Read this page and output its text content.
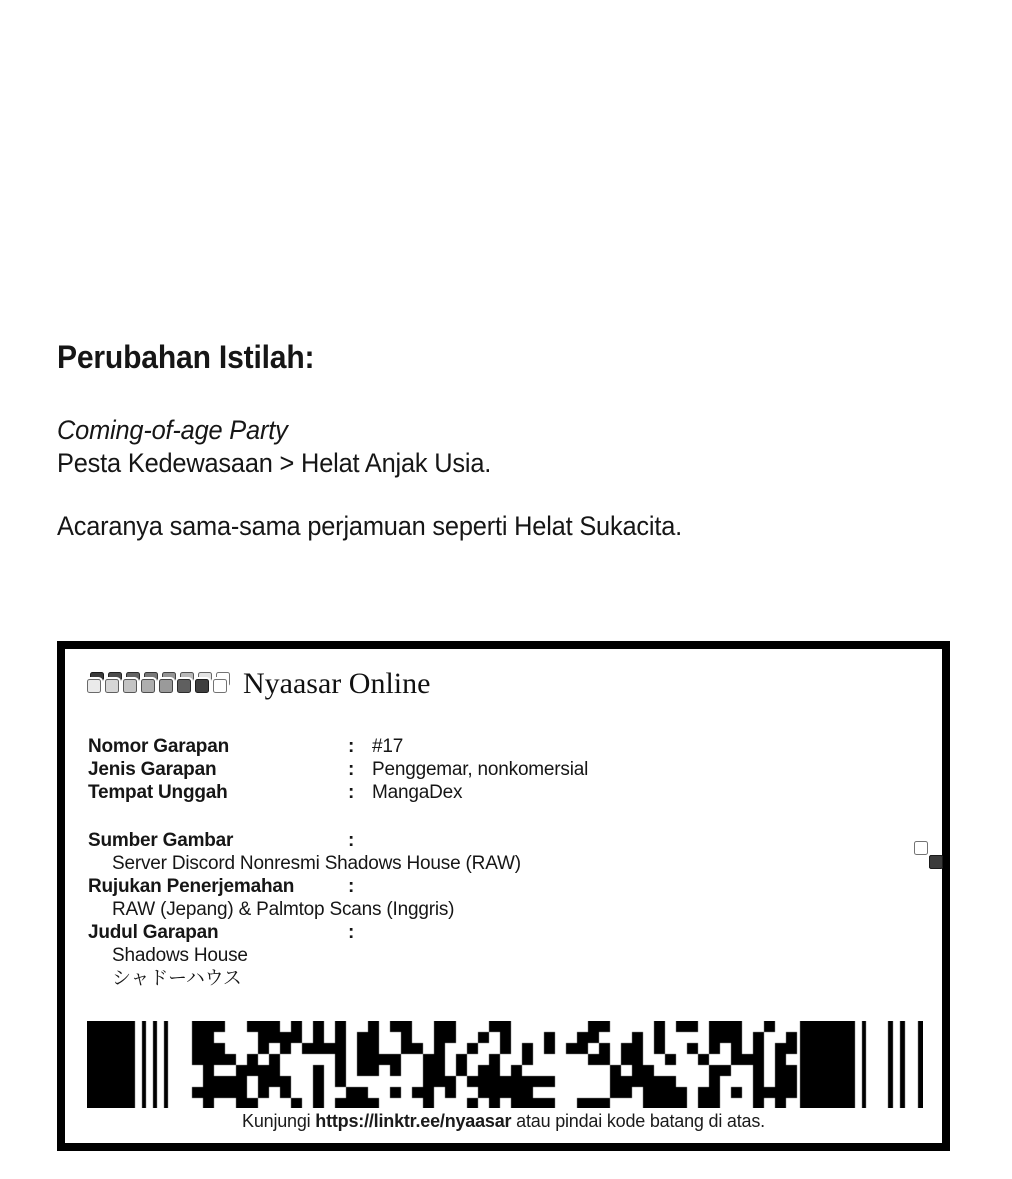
Perubahan Istilah:
Coming-of-age Party
Pesta Kedewasaan > Helat Anjak Usia.
Acaranya sama-sama perjamuan seperti Helat Sukacita.
Nyaasar Online
Nomor Garapan	: #17
Jenis Garapan	: Penggemar, nonkomersial
Tempat Unggah	: MangaDex
Sumber Gambar	:
Server Discord Nonresmi Shadows House (RAW)
Rujukan Penerjemahan	:
RAW (Jepang) & Palmtop Scans (Inggris)
Judul Garapan	:
Shadows House
シャドーハウス
Kunjungi https://linktr.ee/nyaasar atau pindai kode batang di atas.
